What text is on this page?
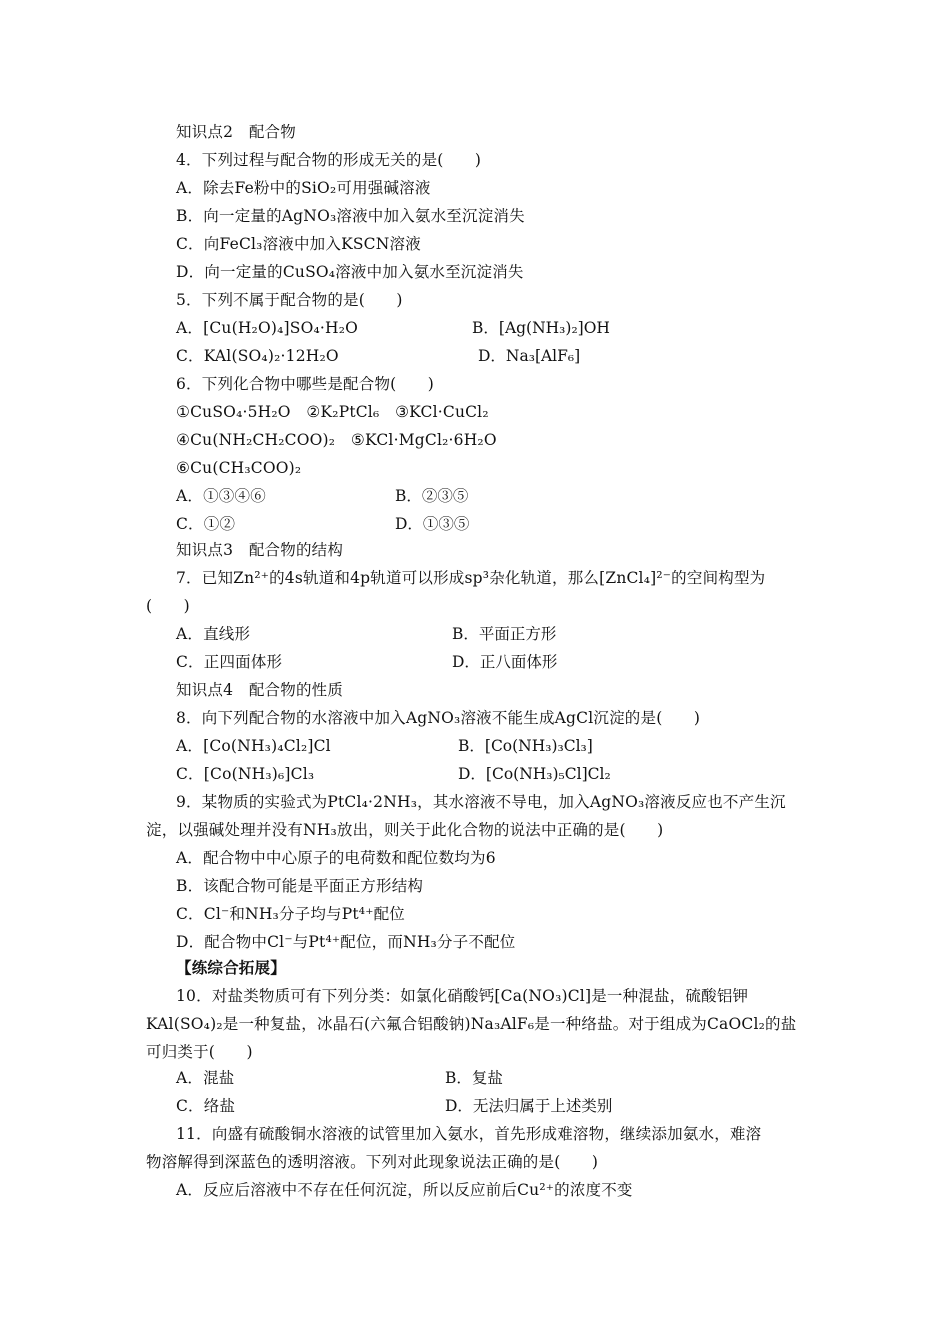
知识点2　配合物
4．下列过程与配合物的形成无关的是(　　)
A．除去Fe粉中的SiO₂可用强碱溶液
B．向一定量的AgNO₃溶液中加入氨水至沉淀消失
C．向FeCl₃溶液中加入KSCN溶液
D．向一定量的CuSO₄溶液中加入氨水至沉淀消失
5．下列不属于配合物的是(　　)
A．[Cu(H₂O)₄]SO₄·H₂O	B．[Ag(NH₃)₂]OH
C．KAl(SO₄)₂·12H₂O	D．Na₃[AlF₆]
6．下列化合物中哪些是配合物(　　)
①CuSO₄·5H₂O　②K₂PtCl₆　③KCl·CuCl₂
④Cu(NH₂CH₂COO)₂　⑤KCl·MgCl₂·6H₂O
⑥Cu(CH₃COO)₂
A．①③④⑥	B．②③⑤
C．①②	D．①③⑤
知识点3　配合物的结构
7．已知Zn²⁺的4s轨道和4p轨道可以形成sp³杂化轨道，那么[ZnCl₄]²⁻的空间构型为
(　　)
A．直线形	B．平面正方形
C．正四面体形	D．正八面体形
知识点4　配合物的性质
8．向下列配合物的水溶液中加入AgNO₃溶液不能生成AgCl沉淀的是(　　)
A．[Co(NH₃)₄Cl₂]Cl	B．[Co(NH₃)₃Cl₃]
C．[Co(NH₃)₆]Cl₃	D．[Co(NH₃)₅Cl]Cl₂
9．某物质的实验式为PtCl₄·2NH₃，其水溶液不导电，加入AgNO₃溶液反应也不产生沉
淀，以强碱处理并没有NH₃放出，则关于此化合物的说法中正确的是(　　)
A．配合物中中心原子的电荷数和配位数均为6
B．该配合物可能是平面正方形结构
C．Cl⁻和NH₃分子均与Pt⁴⁺配位
D．配合物中Cl⁻与Pt⁴⁺配位，而NH₃分子不配位
【练综合拓展】
10．对盐类物质可有下列分类：如氯化硝酸钙[Ca(NO₃)Cl]是一种混盐，硫酸铝钾
KAl(SO₄)₂是一种复盐，冰晶石(六氟合铝酸钠)Na₃AlF₆是一种络盐。对于组成为CaOCl₂的盐
可归类于(　　)
A．混盐	B．复盐
C．络盐	D．无法归属于上述类别
11．向盛有硫酸铜水溶液的试管里加入氨水，首先形成难溶物，继续添加氨水，难溶
物溶解得到深蓝色的透明溶液。下列对此现象说法正确的是(　　)
A．反应后溶液中不存在任何沉淀，所以反应前后Cu²⁺的浓度不变
